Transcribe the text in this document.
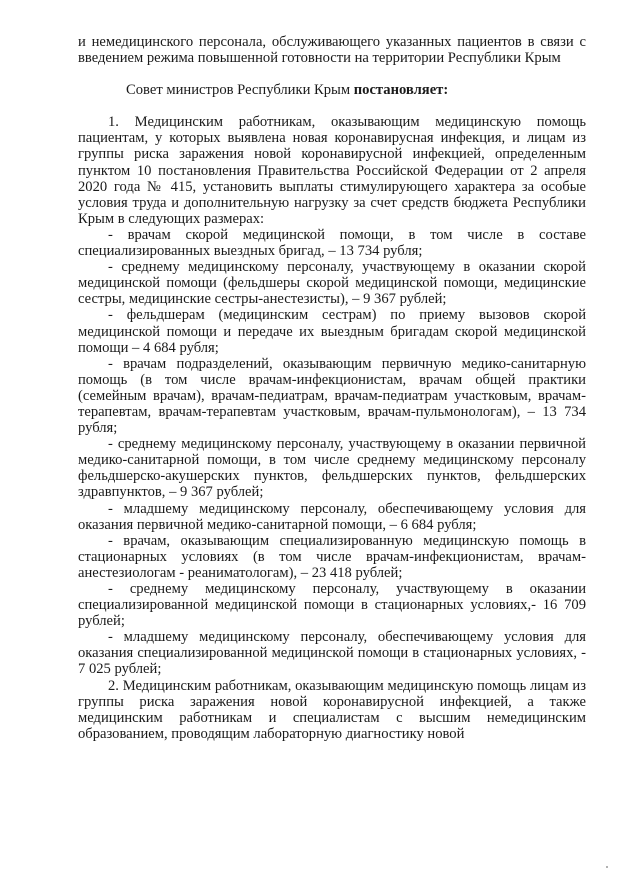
и немедицинского персонала, обслуживающего указанных пациентов в связи с введением режима повышенной готовности на территории Республики Крым

Совет министров Республики Крым постановляет:

1. Медицинским работникам, оказывающим медицинскую помощь пациентам, у которых выявлена новая коронавирусная инфекция, и лицам из группы риска заражения новой коронавирусной инфекцией, определенным пунктом 10 постановления Правительства Российской Федерации от 2 апреля 2020 года № 415, установить выплаты стимулирующего характера за особые условия труда и дополнительную нагрузку за счет средств бюджета Республики Крым в следующих размерах:

- врачам скорой медицинской помощи, в том числе в составе специализированных выездных бригад, – 13 734 рубля;

- среднему медицинскому персоналу, участвующему в оказании скорой медицинской помощи (фельдшеры скорой медицинской помощи, медицинские сестры, медицинские сестры-анестезисты), – 9 367 рублей;

- фельдшерам (медицинским сестрам) по приему вызовов скорой медицинской помощи и передаче их выездным бригадам скорой медицинской помощи – 4 684 рубля;

- врачам подразделений, оказывающим первичную медико-санитарную помощь (в том числе врачам-инфекционистам, врачам общей практики (семейным врачам), врачам-педиатрам, врачам-педиатрам участковым, врачам-терапевтам, врачам-терапевтам участковым, врачам-пульмонологам), – 13 734 рубля;

- среднему медицинскому персоналу, участвующему в оказании первичной медико-санитарной помощи, в том числе среднему медицинскому персоналу фельдшерско-акушерских пунктов, фельдшерских пунктов, фельдшерских здравпунктов, – 9 367 рублей;

- младшему медицинскому персоналу, обеспечивающему условия для оказания первичной медико-санитарной помощи, – 6 684 рубля;

- врачам, оказывающим специализированную медицинскую помощь в стационарных условиях (в том числе врачам-инфекционистам, врачам-анестезиологам - реаниматологам), – 23 418 рублей;

- среднему медицинскому персоналу, участвующему в оказании специализированной медицинской помощи в стационарных условиях,- 16 709 рублей;

- младшему медицинскому персоналу, обеспечивающему условия для оказания специализированной медицинской помощи в стационарных условиях, - 7 025 рублей;

2. Медицинским работникам, оказывающим медицинскую помощь лицам из группы риска заражения новой коронавирусной инфекцией, а также медицинским работникам и специалистам с высшим немедицинским образованием, проводящим лабораторную диагностику новой
